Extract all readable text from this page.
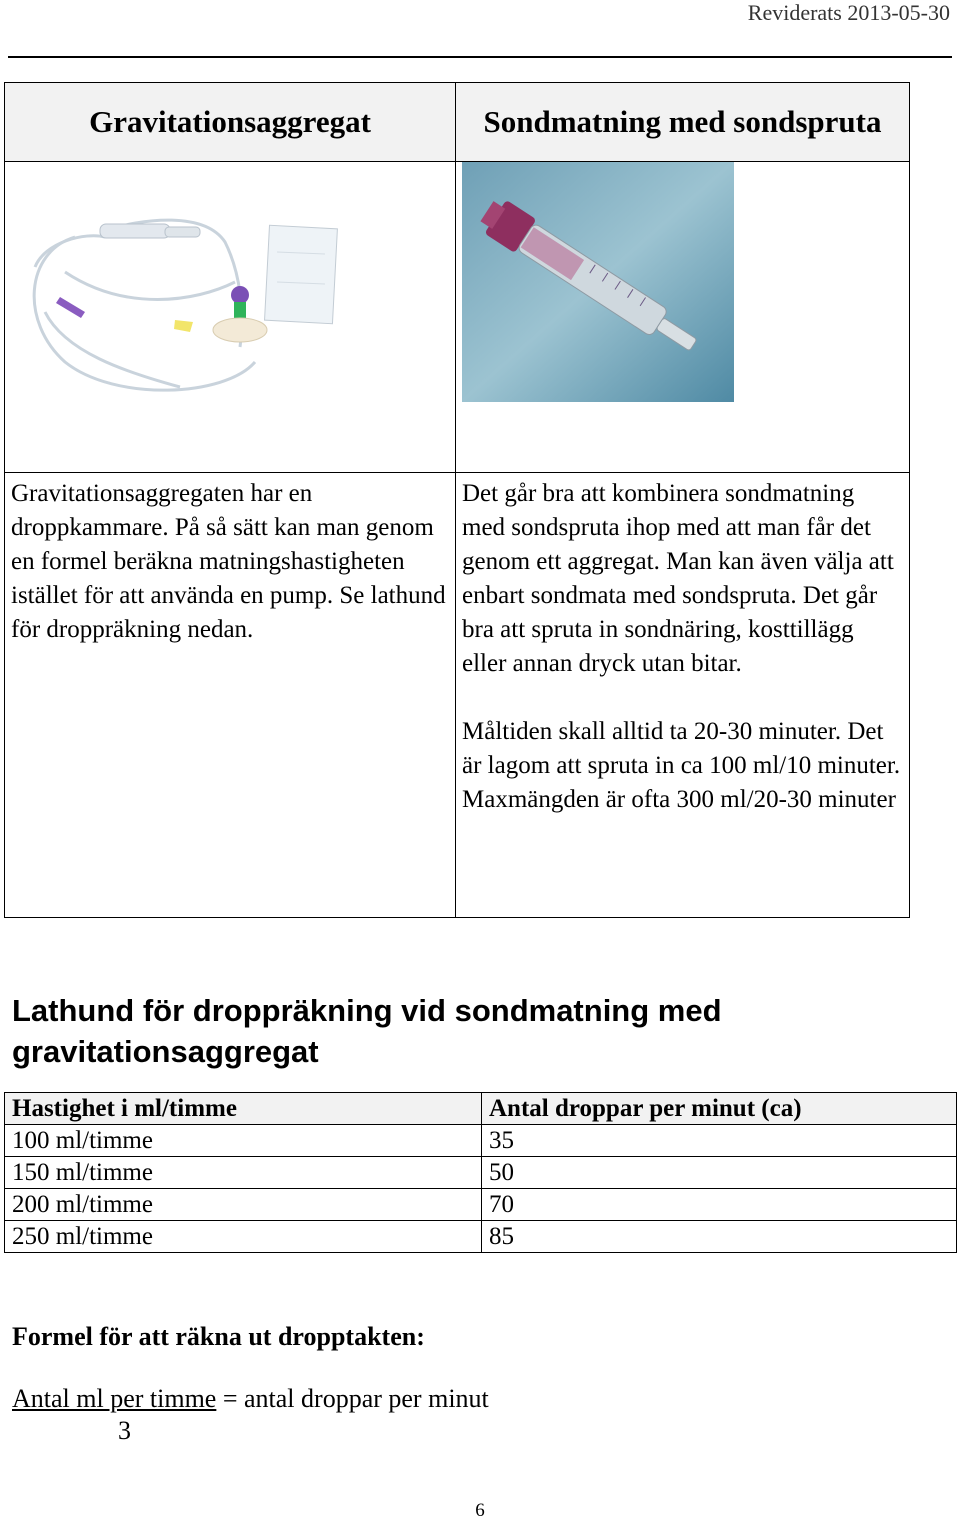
Reviderats 2013-05-30
Gravitationsaggregat	Sondmatning med sondspruta

Gravitationsaggregaten har en droppkammare. På så sätt kan man genom en formel beräkna matningshastigheten istället för att använda en pump. Se lathund för droppräkning nedan.	Det går bra att kombinera sondmatning med sondspruta ihop med att man får det genom ett aggregat. Man kan även välja att enbart sondmata med sondspruta. Det går bra att spruta in sondnäring, kosttillägg eller annan dryck utan bitar.

Måltiden skall alltid ta 20-30 minuter. Det är lagom att spruta in ca 100 ml/10 minuter. Maxmängden är ofta 300 ml/20-30 minuter

Lathund för droppräkning vid sondmatning med gravitationsaggregat
Hastighet i ml/timme	Antal droppar per minut (ca)
100 ml/timme	35
150 ml/timme	50
200 ml/timme	70
250 ml/timme	85
Formel för att räkna ut dropptakten:
Antal ml per timme = antal droppar per minut
3
6
